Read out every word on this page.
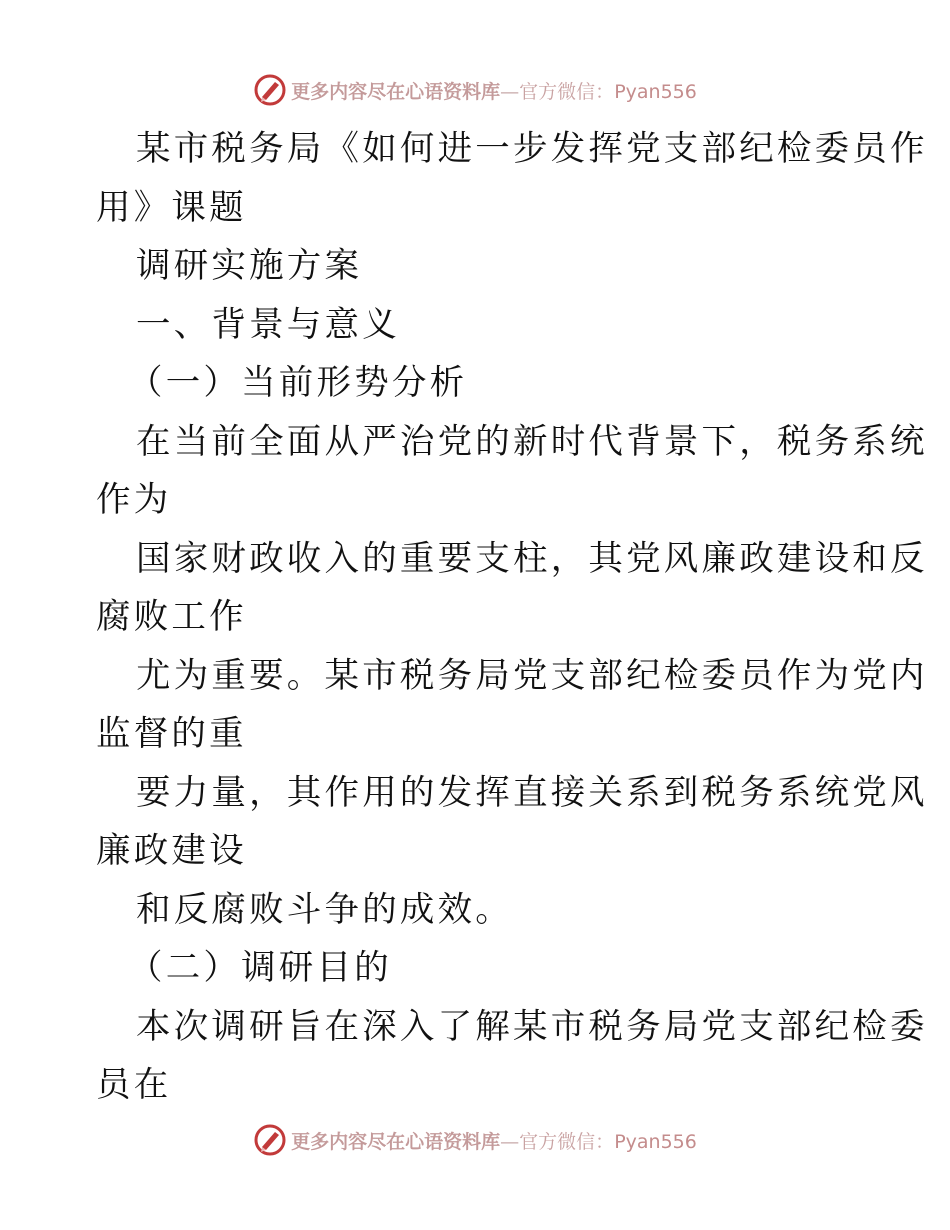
更多内容尽在心语资料库—官方微信：Pyan556
某市税务局《如何进一步发挥党支部纪检委员作
用》课题
调研实施方案
一、背景与意义
（一）当前形势分析
在当前全面从严治党的新时代背景下，税务系统
作为
国家财政收入的重要支柱，其党风廉政建设和反
腐败工作
尤为重要。某市税务局党支部纪检委员作为党内
监督的重
要力量，其作用的发挥直接关系到税务系统党风
廉政建设
和反腐败斗争的成效。
（二）调研目的
本次调研旨在深入了解某市税务局党支部纪检委
员在
更多内容尽在心语资料库—官方微信：Pyan556
